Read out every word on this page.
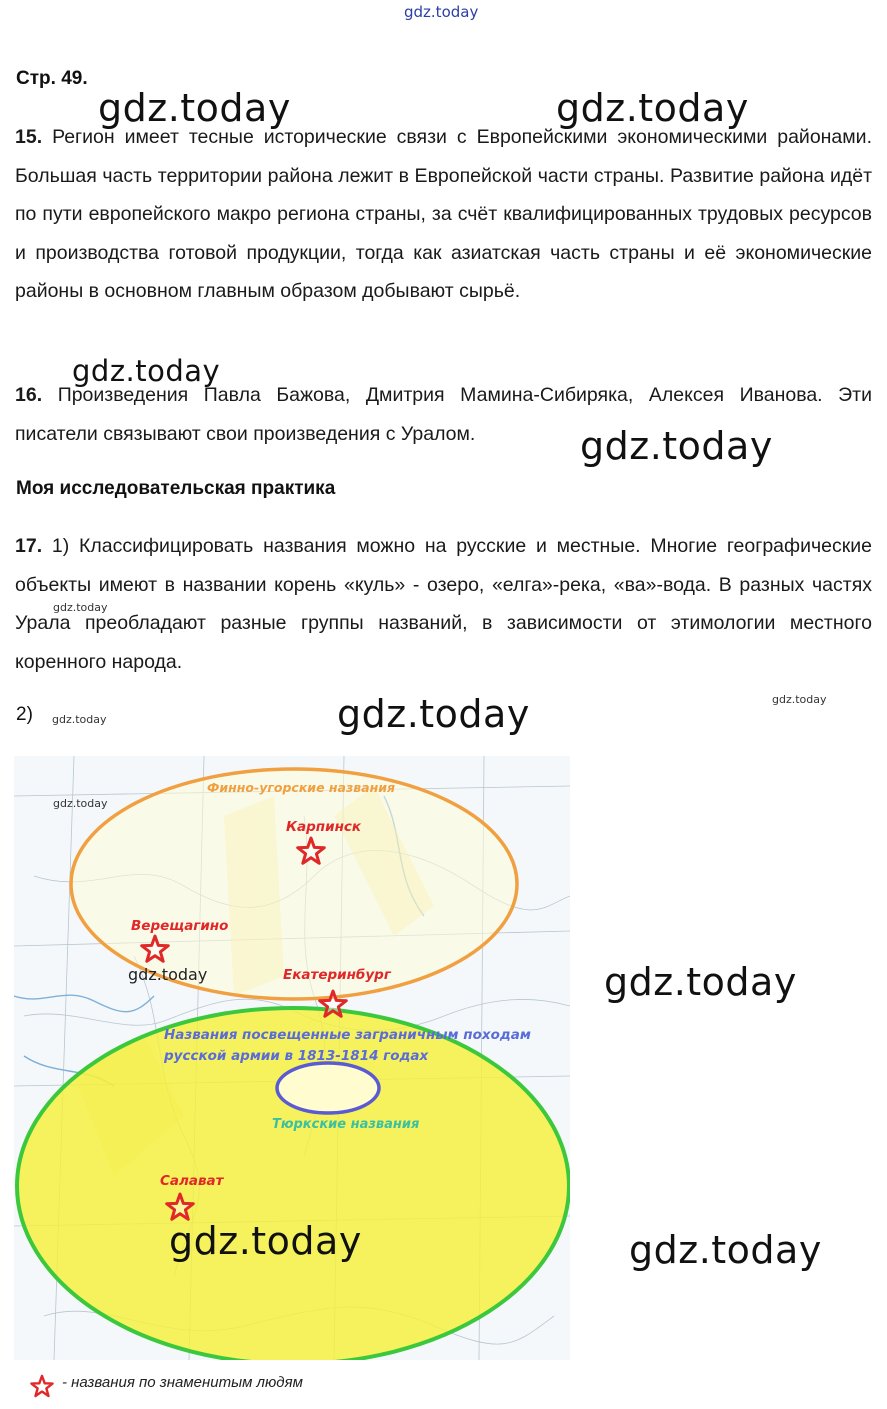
gdz.today
Стр. 49.
15. Регион имеет тесные исторические связи с Европейскими экономическими районами. Большая часть территории района лежит в Европейской части страны. Развитие района идёт по пути европейского макро региона страны, за счёт квалифицированных трудовых ресурсов и производства готовой продукции, тогда как азиатская часть страны и её экономические районы в основном главным образом добывают сырьё.
16. Произведения Павла Бажова, Дмитрия Мамина-Сибиряка, Алексея Иванова. Эти писатели связывают свои произведения с Уралом.
Моя исследовательская практика
17. 1) Классифицировать названия можно на русские и местные. Многие географические объекты имеют в названии корень «куль» - озеро, «елга»-река, «ва»-вода. В разных частях Урала преобладают разные группы названий, в зависимости от этимологии местного коренного народа.
2)
Финно-угорские названия
Названия посвещенные заграничным походам
русской армии в 1813-1814 годах
Тюркские названия
Карпинск
Верещагино
Екатеринбург
Салават
- названия по знаменитым людям
gdz.today	gdz.today
gdz.today
gdz.today
gdz.today
gdz.today
gdz.today	gdz.today
gdz.today
gdz.today	gdz.today
gdz.today	gdz.today
